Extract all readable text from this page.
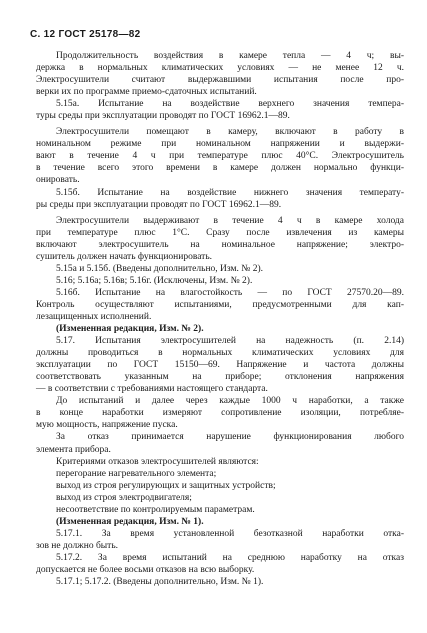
С. 12 ГОСТ 25178—82
Продолжительность воздействия в камере тепла — 4 ч; вы-
держка в нормальных климатических условиях — не менее 12 ч.
Электросушители считают выдержавшими испытания после про-
верки их по программе приемо-сдаточных испытаний.
5.15а. Испытание на воздействие верхнего значения темпера-
туры среды при эксплуатации проводят по ГОСТ 16962.1—89.
Электросушители помещают в камеру, включают в работу в
номинальном режиме при номинальном напряжении и выдержи-
вают в течение 4 ч при температуре плюс 40°С. Электросушитель
в течение всего этого времени в камере должен нормально функци-
онировать.
5.15б. Испытание на воздействие нижнего значения температу-
ры среды при эксплуатации проводят по ГОСТ 16962.1—89.
Электросушители выдерживают в течение 4 ч в камере холода
при температуре плюс 1°С. Сразу после извлечения из камеры
включают электросушитель на номинальное напряжение; электро-
сушитель должен начать функционировать.
5.15а и 5.15б. (Введены дополнительно, Изм. № 2).
5.16; 5.16а; 5.16в; 5.16г. (Исключены, Изм. № 2).
5.16б. Испытание на влагостойкость — по ГОСТ 27570.20—89.
Контроль осуществляют испытаниями, предусмотренными для кап-
лезащищенных исполнений.
(Измененная редакция, Изм. № 2).
5.17. Испытания электросушителей на надежность (п. 2.14)
должны проводиться в нормальных климатических условиях для
эксплуатации по ГОСТ 15150—69. Напряжение и частота должны
соответствовать указанным на приборе; отклонения напряжения
— в соответствии с требованиями настоящего стандарта.
До испытаний и далее через каждые 1000 ч наработки, а также
в конце наработки измеряют сопротивление изоляции, потребляе-
мую мощность, напряжение пуска.
За отказ принимается нарушение функционирования любого
элемента прибора.
Критериями отказов электросушителей являются:
перегорание нагревательного элемента;
выход из строя регулирующих и защитных устройств;
выход из строя электродвигателя;
несоответствие по контролируемым параметрам.
(Измененная редакция, Изм. № 1).
5.17.1. За время установленной безотказной наработки отка-
зов не должно быть.
5.17.2. За время испытаний на среднюю наработку на отказ
допускается не более восьми отказов на всю выборку.
5.17.1; 5.17.2. (Введены дополнительно, Изм. № 1).
